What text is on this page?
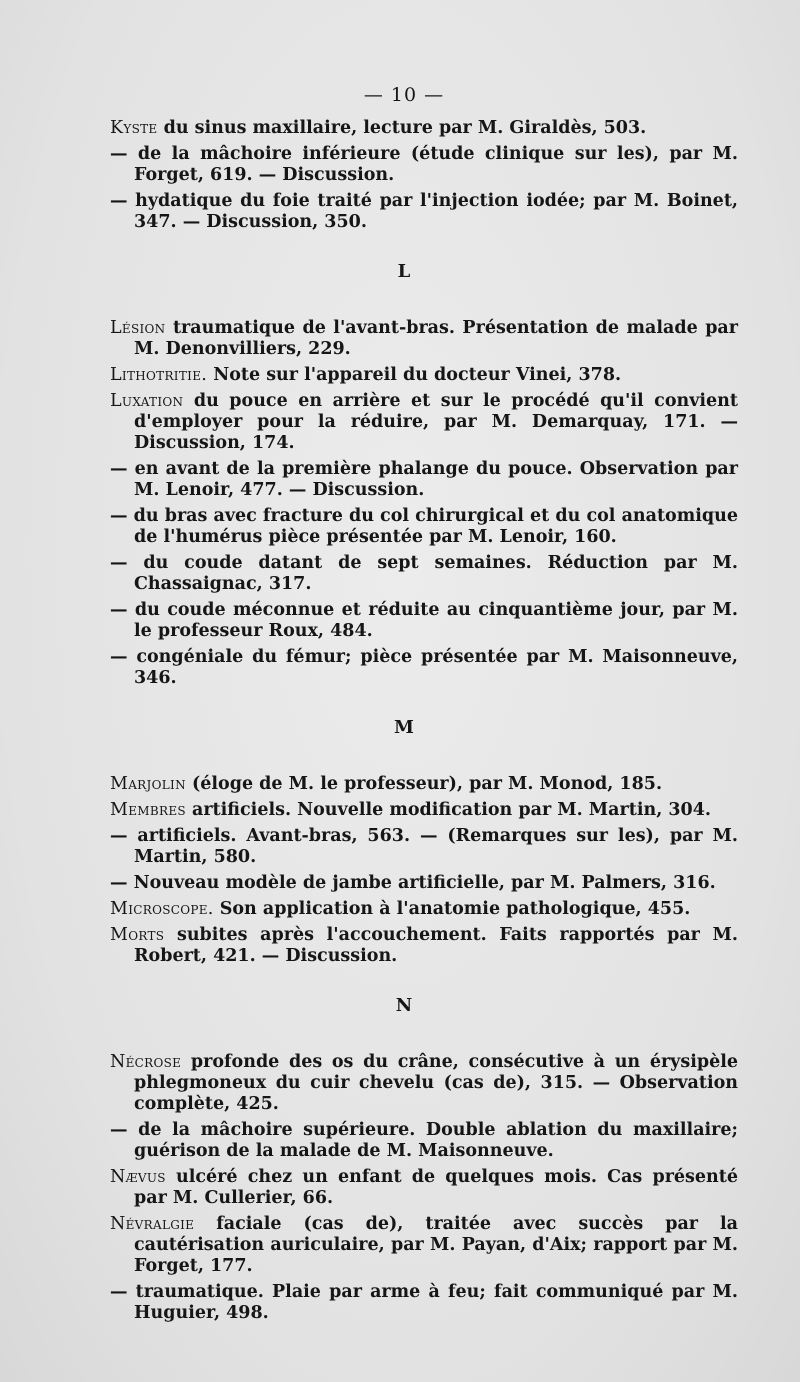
— 10 —
Kyste du sinus maxillaire, lecture par M. Giraldès, 503.
— de la mâchoire inférieure (étude clinique sur les), par M. Forget, 619. — Discussion.
— hydatique du foie traité par l'injection iodée; par M. Boinet, 347. — Discussion, 350.
L
Lésion traumatique de l'avant-bras. Présentation de malade par M. Denonvilliers, 229.
Lithotritie. Note sur l'appareil du docteur Vinei, 378.
Luxation du pouce en arrière et sur le procédé qu'il convient d'employer pour la réduire, par M. Demarquay, 171. — Discussion, 174.
— en avant de la première phalange du pouce. Observation par M. Lenoir, 477. — Discussion.
— du bras avec fracture du col chirurgical et du col anatomique de l'humérus pièce présentée par M. Lenoir, 160.
— du coude datant de sept semaines. Réduction par M. Chassaignac, 317.
— du coude méconnue et réduite au cinquantième jour, par M. le professeur Roux, 484.
— congéniale du fémur; pièce présentée par M. Maisonneuve, 346.
M
Marjolin (éloge de M. le professeur), par M. Monod, 185.
Membres artificiels. Nouvelle modification par M. Martin, 304.
— artificiels. Avant-bras, 563. — (Remarques sur les), par M. Martin, 580.
— Nouveau modèle de jambe artificielle, par M. Palmers, 316.
Microscope. Son application à l'anatomie pathologique, 455.
Morts subites après l'accouchement. Faits rapportés par M. Robert, 421. — Discussion.
N
Nécrose profonde des os du crâne, consécutive à un érysipèle phlegmoneux du cuir chevelu (cas de), 315. — Observation complète, 425.
— de la mâchoire supérieure. Double ablation du maxillaire; guérison de la malade de M. Maisonneuve.
Nævus ulcéré chez un enfant de quelques mois. Cas présenté par M. Cullerier, 66.
Névralgie faciale (cas de), traitée avec succès par la cautérisation auriculaire, par M. Payan, d'Aix; rapport par M. Forget, 177.
— traumatique. Plaie par arme à feu; fait communiqué par M. Huguier, 498.
